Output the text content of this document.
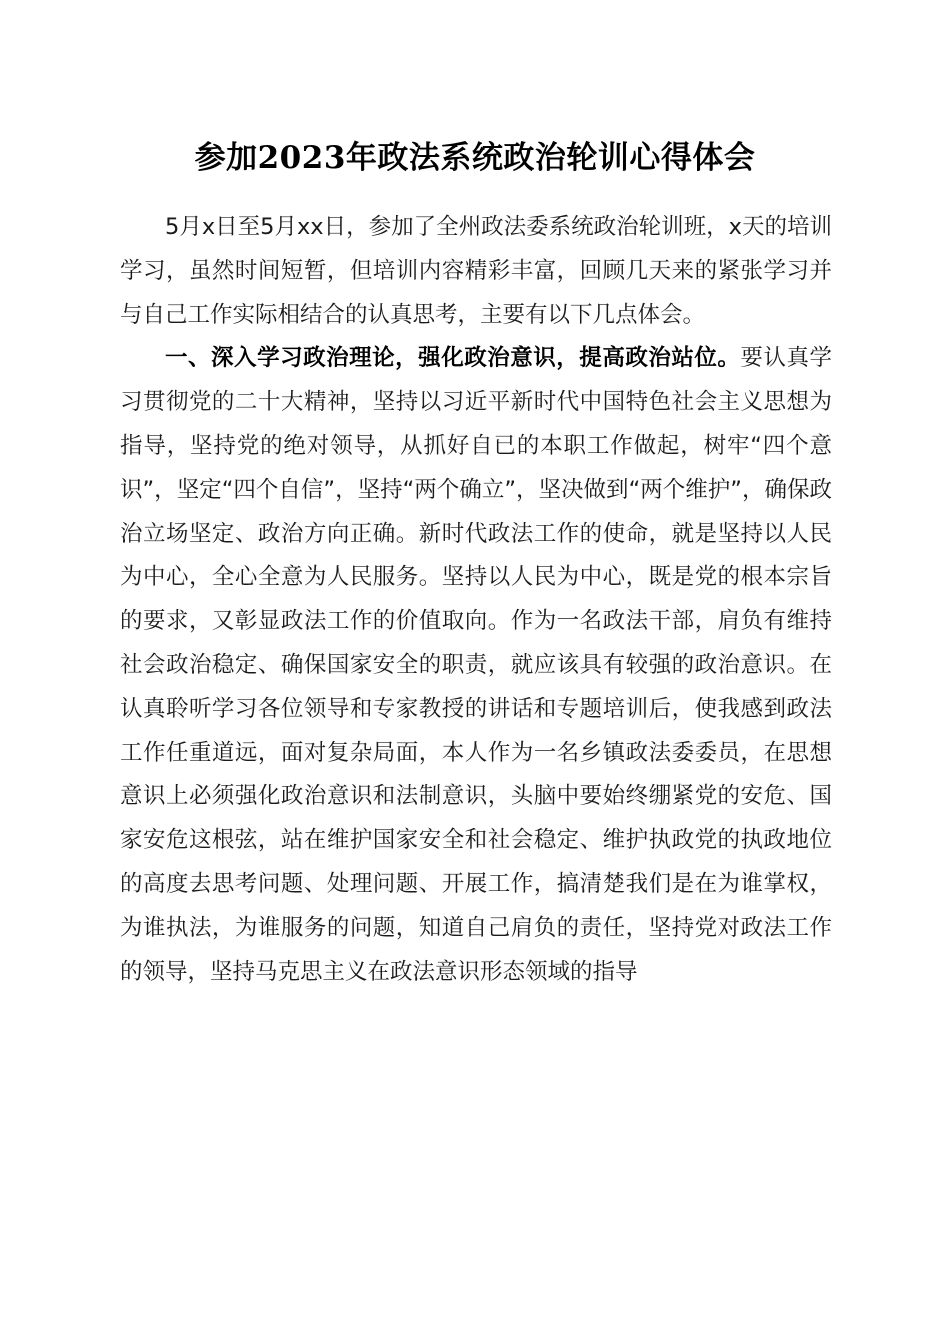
参加2023年政法系统政治轮训心得体会

5月x日至5月xx日，参加了全州政法委系统政治轮训班，x天的培训学习，虽然时间短暂，但培训内容精彩丰富，回顾几天来的紧张学习并与自己工作实际相结合的认真思考，主要有以下几点体会。

一、深入学习政治理论，强化政治意识，提高政治站位。要认真学习贯彻党的二十大精神，坚持以习近平新时代中国特色社会主义思想为指导，坚持党的绝对领导，从抓好自已的本职工作做起，树牢“四个意识”，坚定“四个自信”，坚持“两个确立”，坚决做到“两个维护”，确保政治立场坚定、政治方向正确。新时代政法工作的使命，就是坚持以人民为中心，全心全意为人民服务。坚持以人民为中心，既是党的根本宗旨的要求，又彰显政法工作的价值取向。作为一名政法干部，肩负有维持社会政治稳定、确保国家安全的职责，就应该具有较强的政治意识。在认真聆听学习各位领导和专家教授的讲话和专题培训后，使我感到政法工作任重道远，面对复杂局面，本人作为一名乡镇政法委委员，在思想意识上必须强化政治意识和法制意识，头脑中要始终绷紧党的安危、国家安危这根弦，站在维护国家安全和社会稳定、维护执政党的执政地位的高度去思考问题、处理问题、开展工作，搞清楚我们是在为谁掌权，为谁执法，为谁服务的问题，知道自己肩负的责任，坚持党对政法工作的领导，坚持马克思主义在政法意识形态领域的指导
